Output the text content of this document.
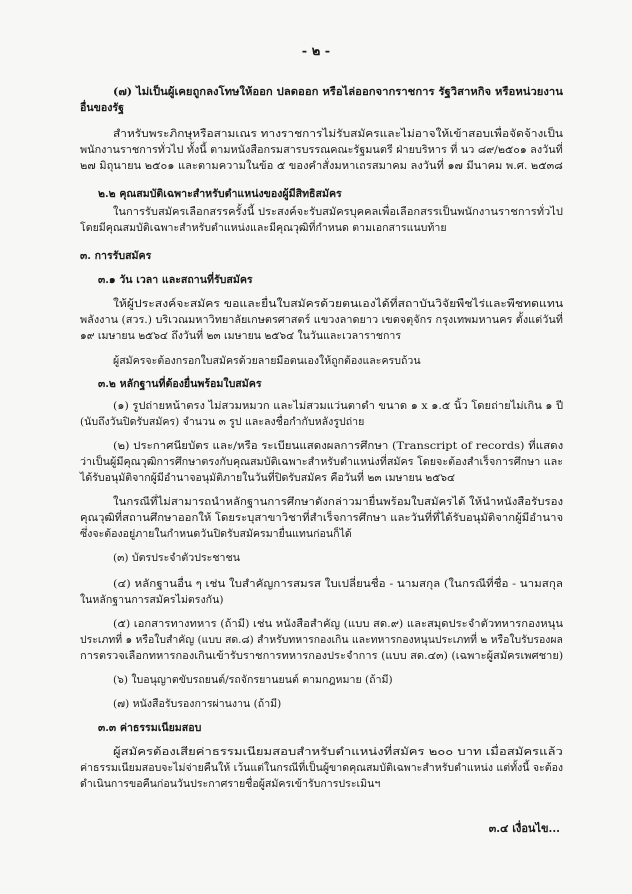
- ๒ -
(๗) ไม่เป็นผู้เคยถูกลงโทษให้ออก ปลดออก หรือไล่ออกจากราชการ รัฐวิสาหกิจ หรือหน่วยงาน
อื่นของรัฐ
สำหรับพระภิกษุหรือสามเณร ทางราชการไม่รับสมัครและไม่อาจให้เข้าสอบเพื่อจัดจ้างเป็น
พนักงานราชการทั่วไป ทั้งนี้ ตามหนังสือกรมสารบรรณคณะรัฐมนตรี ฝ่ายบริหาร ที่ นว ๘๙/๒๕๐๑ ลงวันที่
๒๗ มิถุนายน ๒๕๐๑ และตามความในข้อ ๕ ของคำสั่งมหาเถรสมาคม ลงวันที่ ๑๗ มีนาคม พ.ศ. ๒๕๓๘
๒.๒ คุณสมบัติเฉพาะสำหรับตำแหน่งของผู้มีสิทธิสมัคร
ในการรับสมัครเลือกสรรครั้งนี้ ประสงค์จะรับสมัครบุคคลเพื่อเลือกสรรเป็นพนักงานราชการทั่วไป
โดยมีคุณสมบัติเฉพาะสำหรับตำแหน่งและมีคุณวุฒิที่กำหนด ตามเอกสารแนบท้าย
๓. การรับสมัคร
๓.๑ วัน เวลา และสถานที่รับสมัคร
ให้ผู้ประสงค์จะสมัคร ขอและยื่นใบสมัครด้วยตนเองได้ที่สถาบันวิจัยพืชไร่และพืชทดแทน
พลังงาน (สวร.) บริเวณมหาวิทยาลัยเกษตรศาสตร์ แขวงลาดยาว เขตจตุจักร กรุงเทพมหานคร ตั้งแต่วันที่
๑๙ เมษายน ๒๕๖๔ ถึงวันที่ ๒๓ เมษายน ๒๕๖๔ ในวันและเวลาราชการ
ผู้สมัครจะต้องกรอกใบสมัครด้วยลายมือตนเองให้ถูกต้องและครบถ้วน
๓.๒ หลักฐานที่ต้องยื่นพร้อมใบสมัคร
(๑) รูปถ่ายหน้าตรง ไม่สวมหมวก และไม่สวมแว่นตาดำ ขนาด ๑ x ๑.๕ นิ้ว โดยถ่ายไม่เกิน ๑ ปี
(นับถึงวันปิดรับสมัคร) จำนวน ๓ รูป และลงชื่อกำกับหลังรูปถ่าย
(๒) ประกาศนียบัตร และ/หรือ ระเบียนแสดงผลการศึกษา (Transcript of records) ที่แสดง
ว่าเป็นผู้มีคุณวุฒิการศึกษาตรงกับคุณสมบัติเฉพาะสำหรับตำแหน่งที่สมัคร โดยจะต้องสำเร็จการศึกษา และ
ได้รับอนุมัติจากผู้มีอำนาจอนุมัติภายในวันที่ปิดรับสมัคร คือวันที่ ๒๓ เมษายน ๒๕๖๔
ในกรณีที่ไม่สามารถนำหลักฐานการศึกษาดังกล่าวมายื่นพร้อมใบสมัครได้ ให้นำหนังสือรับรอง
คุณวุฒิที่สถานศึกษาออกให้ โดยระบุสาขาวิชาที่สำเร็จการศึกษา และวันที่ที่ได้รับอนุมัติจากผู้มีอำนาจ
ซึ่งจะต้องอยู่ภายในกำหนดวันปิดรับสมัครมายื่นแทนก่อนก็ได้
(๓) บัตรประจำตัวประชาชน
(๔) หลักฐานอื่น ๆ เช่น ใบสำคัญการสมรส ใบเปลี่ยนชื่อ - นามสกุล (ในกรณีที่ชื่อ - นามสกุล
ในหลักฐานการสมัครไม่ตรงกัน)
(๕) เอกสารทางทหาร (ถ้ามี) เช่น หนังสือสำคัญ (แบบ สด.๙) และสมุดประจำตัวทหารกองหนุน
ประเภทที่ ๑ หรือใบสำคัญ (แบบ สด.๘) สำหรับทหารกองเกิน และทหารกองหนุนประเภทที่ ๒ หรือใบรับรองผล
การตรวจเลือกทหารกองเกินเข้ารับราชการทหารกองประจำการ (แบบ สด.๔๓) (เฉพาะผู้สมัครเพศชาย)
(๖) ใบอนุญาตขับรถยนต์/รถจักรยานยนต์ ตามกฎหมาย (ถ้ามี)
(๗) หนังสือรับรองการผ่านงาน (ถ้ามี)
๓.๓ ค่าธรรมเนียมสอบ
ผู้สมัครต้องเสียค่าธรรมเนียมสอบสำหรับตำแหน่งที่สมัคร ๒๐๐ บาท เมื่อสมัครแล้ว
ค่าธรรมเนียมสอบจะไม่จ่ายคืนให้ เว้นแต่ในกรณีที่เป็นผู้ขาดคุณสมบัติเฉพาะสำหรับตำแหน่ง แต่ทั้งนี้ จะต้อง
ดำเนินการขอคืนก่อนวันประกาศรายชื่อผู้สมัครเข้ารับการประเมินฯ
๓.๔ เงื่อนไข...
